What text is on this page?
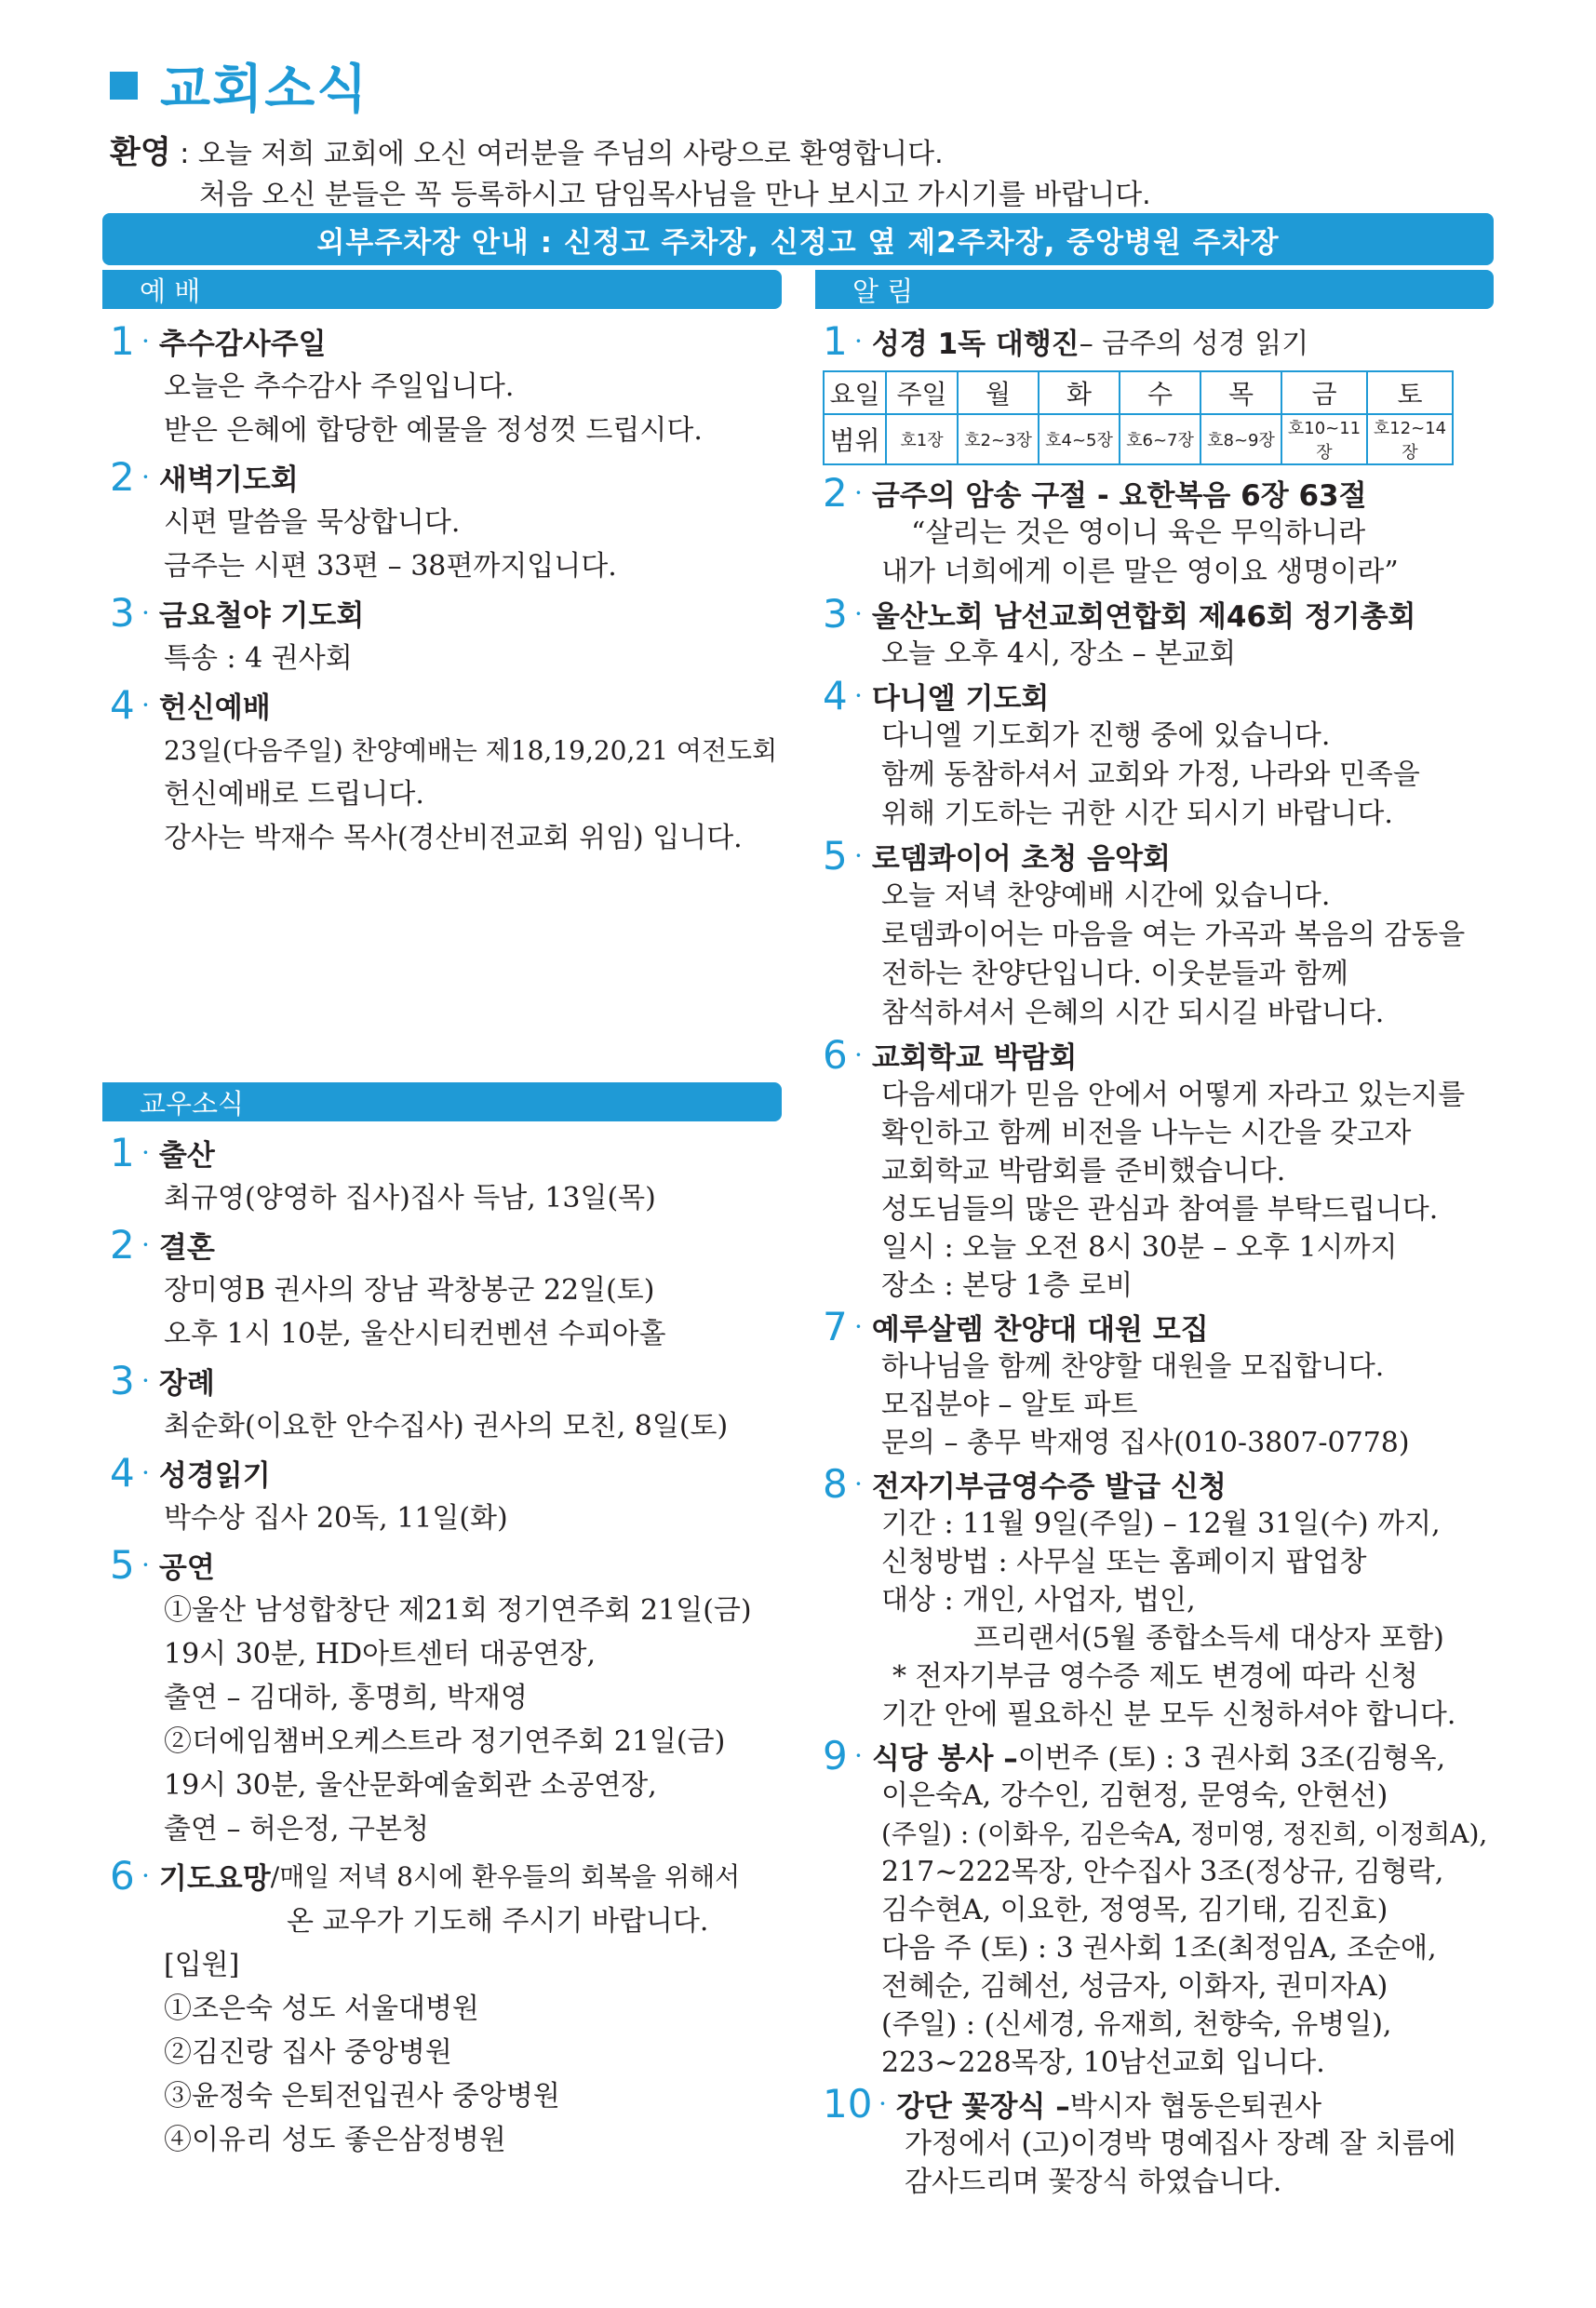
교회소식
환영 : 오늘 저희 교회에 오신 여러분을 주님의 사랑으로 환영합니다.
처음 오신 분들은 꼭 등록하시고 담임목사님을 만나 보시고 가시기를 바랍니다.
외부주차장 안내 : 신정고 주차장, 신정고 옆 제2주차장, 중앙병원 주차장
예 배
1 · 추수감사주일
오늘은 추수감사 주일입니다.
받은 은혜에 합당한 예물을 정성껏 드립시다.
2 · 새벽기도회
시편 말씀을 묵상합니다.
금주는 시편 33편 – 38편까지입니다.
3 · 금요철야 기도회
특송 : 4 권사회
4 · 헌신예배
23일(다음주일) 찬양예배는 제18,19,20,21 여전도회
헌신예배로 드립니다.
강사는 박재수 목사(경산비전교회 위임) 입니다.
교우소식
1 · 출산
최규영(양영하 집사)집사 득남, 13일(목)
2 · 결혼
장미영B 권사의 장남 곽창봉군 22일(토)
오후 1시 10분, 울산시티컨벤션 수피아홀
3 · 장례
최순화(이요한 안수집사) 권사의 모친, 8일(토)
4 · 성경읽기
박수상 집사 20독, 11일(화)
5 · 공연
①울산 남성합창단 제21회 정기연주회 21일(금)
19시 30분, HD아트센터 대공연장,
출연 – 김대하, 홍명희, 박재영
②더에임챔버오케스트라 정기연주회 21일(금)
19시 30분, 울산문화예술회관 소공연장,
출연 – 허은정, 구본청
6 · 기도요망 /매일 저녁 8시에 환우들의 회복을 위해서
온 교우가 기도해 주시기 바랍니다.
[입원]
①조은숙 성도 서울대병원
②김진랑 집사 중앙병원
③윤정숙 은퇴전입권사 중앙병원
④이유리 성도 좋은삼정병원
알 림
1 · 성경 1독 대행진 – 금주의 성경 읽기
요일	주일	월	화	수	목	금	토
범위	호1장	호2~3장	호4~5장	호6~7장	호8~9장	호10~11장	호12~14장
2 · 금주의 암송 구절 - 요한복음 6장 63절
“살리는 것은 영이니 육은 무익하니라
내가 너희에게 이른 말은 영이요 생명이라”
3 · 울산노회 남선교회연합회 제46회 정기총회
오늘 오후 4시, 장소 – 본교회
4 · 다니엘 기도회
다니엘 기도회가 진행 중에 있습니다.
함께 동참하셔서 교회와 가정, 나라와 민족을
위해 기도하는 귀한 시간 되시기 바랍니다.
5 · 로뎀콰이어 초청 음악회
오늘 저녁 찬양예배 시간에 있습니다.
로뎀콰이어는 마음을 여는 가곡과 복음의 감동을
전하는 찬양단입니다. 이웃분들과 함께
참석하셔서 은혜의 시간 되시길 바랍니다.
6 · 교회학교 박람회
다음세대가 믿음 안에서 어떻게 자라고 있는지를
확인하고 함께 비전을 나누는 시간을 갖고자
교회학교 박람회를 준비했습니다.
성도님들의 많은 관심과 참여를 부탁드립니다.
일시 : 오늘 오전 8시 30분 – 오후 1시까지
장소 : 본당 1층 로비
7 · 예루살렘 찬양대 대원 모집
하나님을 함께 찬양할 대원을 모집합니다.
모집분야 – 알토 파트
문의 – 총무 박재영 집사(010-3807-0778)
8 · 전자기부금영수증 발급 신청
기간 : 11월 9일(주일) – 12월 31일(수) 까지,
신청방법 : 사무실 또는 홈페이지 팝업창
대상 : 개인, 사업자, 법인,
프리랜서(5월 종합소득세 대상자 포함)
* 전자기부금 영수증 제도 변경에 따라 신청
기간 안에 필요하신 분 모두 신청하셔야 합니다.
9 · 식당 봉사 – 이번주 (토) : 3 권사회 3조(김형옥,
이은숙A, 강수인, 김현정, 문영숙, 안현선)
(주일) : (이화우, 김은숙A, 정미영, 정진희, 이정희A),
217~222목장, 안수집사 3조(정상규, 김형락,
김수현A, 이요한, 정영목, 김기태, 김진효)
다음 주 (토) : 3 권사회 1조(최정임A, 조순애,
전혜순, 김혜선, 성금자, 이화자, 권미자A)
(주일) : (신세경, 유재희, 천향숙, 유병일),
223~228목장, 10남선교회 입니다.
10 · 강단 꽃장식 – 박시자 협동은퇴권사
가정에서 (고)이경박 명예집사 장례 잘 치름에
감사드리며 꽃장식 하였습니다.
